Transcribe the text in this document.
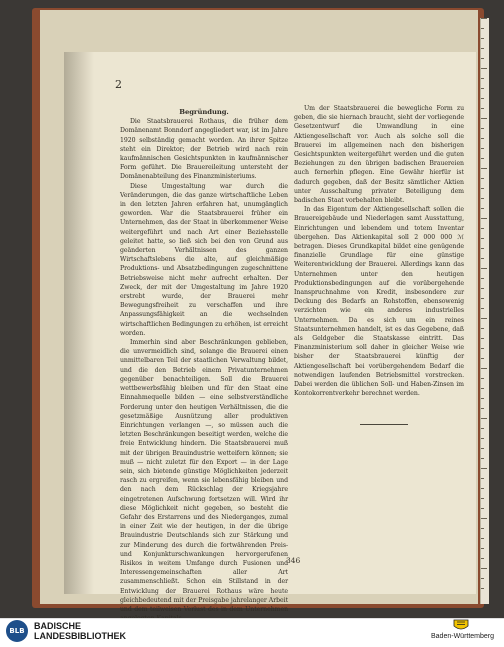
2

Begründung.

Die Staatsbrauerei Rothaus, die früher dem Domänenamt Bonndorf angegliedert war, ist im Jahre 1920 selbständig gemacht worden. An ihrer Spitze steht ein Direktor; der Betrieb wird nach rein kaufmännischen Gesichtspunkten in kaufmännischer Form geführt. Die Brauereileitung untersteht der Domänenabteilung des Finanzministeriums.

Diese Umgestaltung war durch die Veränderungen, die das ganze wirtschaftliche Leben in den letzten Jahren erfahren hat, unumgänglich geworden. War die Staatsbrauerei früher ein Unternehmen, das der Staat in überkommener Weise weitergeführt und nach Art einer Beziehsstelle geleitet hatte, so ließ sich bei den von Grund aus geänderten Verhältnissen des ganzen Wirtschaftslebens die alte, auf gleichmäßige Produktions- und Absatzbedingungen zugeschnittene Betriebsweise nicht mehr aufrecht erhalten. Der Zweck, der mit der Umgestaltung im Jahre 1920 erstrebt wurde, der Brauerei mehr Bewegungsfreiheit zu verschaffen und ihre Anpassungsfähigkeit an die wechselnden wirtschaftlichen Bedingungen zu erhöhen, ist erreicht worden.

Immerhin sind aber Beschränkungen geblieben, die unvermeidlich sind, solange die Brauerei einen unmittelbaren Teil der staatlichen Verwaltung bildet, und die den Betrieb einem Privatunternehmen gegenüber benachteiligen. Soll die Brauerei wettbewerbsfähig bleiben und für den Staat eine Einnahmequelle bilden — eine selbstverständliche Forderung unter den heutigen Verhältnissen, die die gesetzmäßige Ausnützung aller produktiven Einrichtungen verlangen —, so müssen auch die letzten Beschränkungen beseitigt werden, welche die freie Entwicklung hindern. Die Staatsbrauerei muß mit der übrigen Brauindustrie wetteifern können; sie muß — nicht zuletzt für den Export — in der Lage sein, sich bietende günstige Möglichkeiten jederzeit rasch zu ergreifen, wenn sie lebensfähig bleiben und den nach dem Rückschlag der Kriegsjahre eingetretenen Aufschwung fortsetzen will. Wird ihr diese Möglichkeit nicht gegeben, so besteht die Gefahr des Erstarrens und des Niederganges, zumal in einer Zeit wie der heutigen, in der die übrige Brauindustrie Deutschlands sich zur Stärkung und zur Minderung des durch die fortwährenden Preis- und Konjunkturschwankungen hervorgerufenen Risikos in weitem Umfange durch Fusionen und Interessengemeinschaften aller Art zusammenschließt. Schon ein Stillstand in der Entwicklung der Brauerei Rothaus wäre heute gleichbedeutend mit der Preisgabe jahrelanger Arbeit und dem teilweisen Verlust des in dem Unternehmen

Um der Staatsbrauerei die bewegliche Form zu geben, die sie hiernach braucht, sieht der vorliegende Gesetzentwurf die Umwandlung in eine Aktiengesellschaft vor. Auch als solche soll die Brauerei im allgemeinen nach den bisherigen Gesichtspunkten weitergeführt werden und die guten Beziehungen zu den übrigen badischen Brauereien auch fernerhin pflegen. Eine Gewähr hierfür ist dadurch gegeben, daß der Besitz sämtlicher Aktien unter Ausschaltung privater Beteiligung dem badischen Staat vorbehalten bleibt.

In das Eigentum der Aktiengesellschaft sollen die Brauereigebäude und Niederlagen samt Ausstattung, Einrichtungen und lebendem und totem Inventar übergehen. Das Aktienkapital soll 2 000 000 ℳ betragen. Dieses Grundkapital bildet eine genügende finanzielle Grundlage für eine günstige Weiterentwicklung der Brauerei. Allerdings kann das Unternehmen unter den heutigen Produktionsbedingungen auf die vorübergehende Inanspruchnahme von Kredit, insbesondere zur Deckung des Bedarfs an Rohstoffen, ebensowenig verzichten wie ein anderes industrielles Unternehmen. Da es sich um ein reines Staatsunternehmen handelt, ist es das Gegebene, daß als Geldgeber die Staatskasse eintritt. Das Finanzministerium soll daher in gleicher Weise wie bisher der Staatsbrauerei künftig der Aktiengesellschaft bei vorübergehendem Bedarf die notwendigen laufenden Betriebsmittel vorstrecken. Dabei werden die üblichen Soll- und Haben-Zinsen im Kontokorrentverkehr berechnet werden.

346
BLB	BADISCHE
LANDESBIBLIOTHEK	Baden-Württemberg
